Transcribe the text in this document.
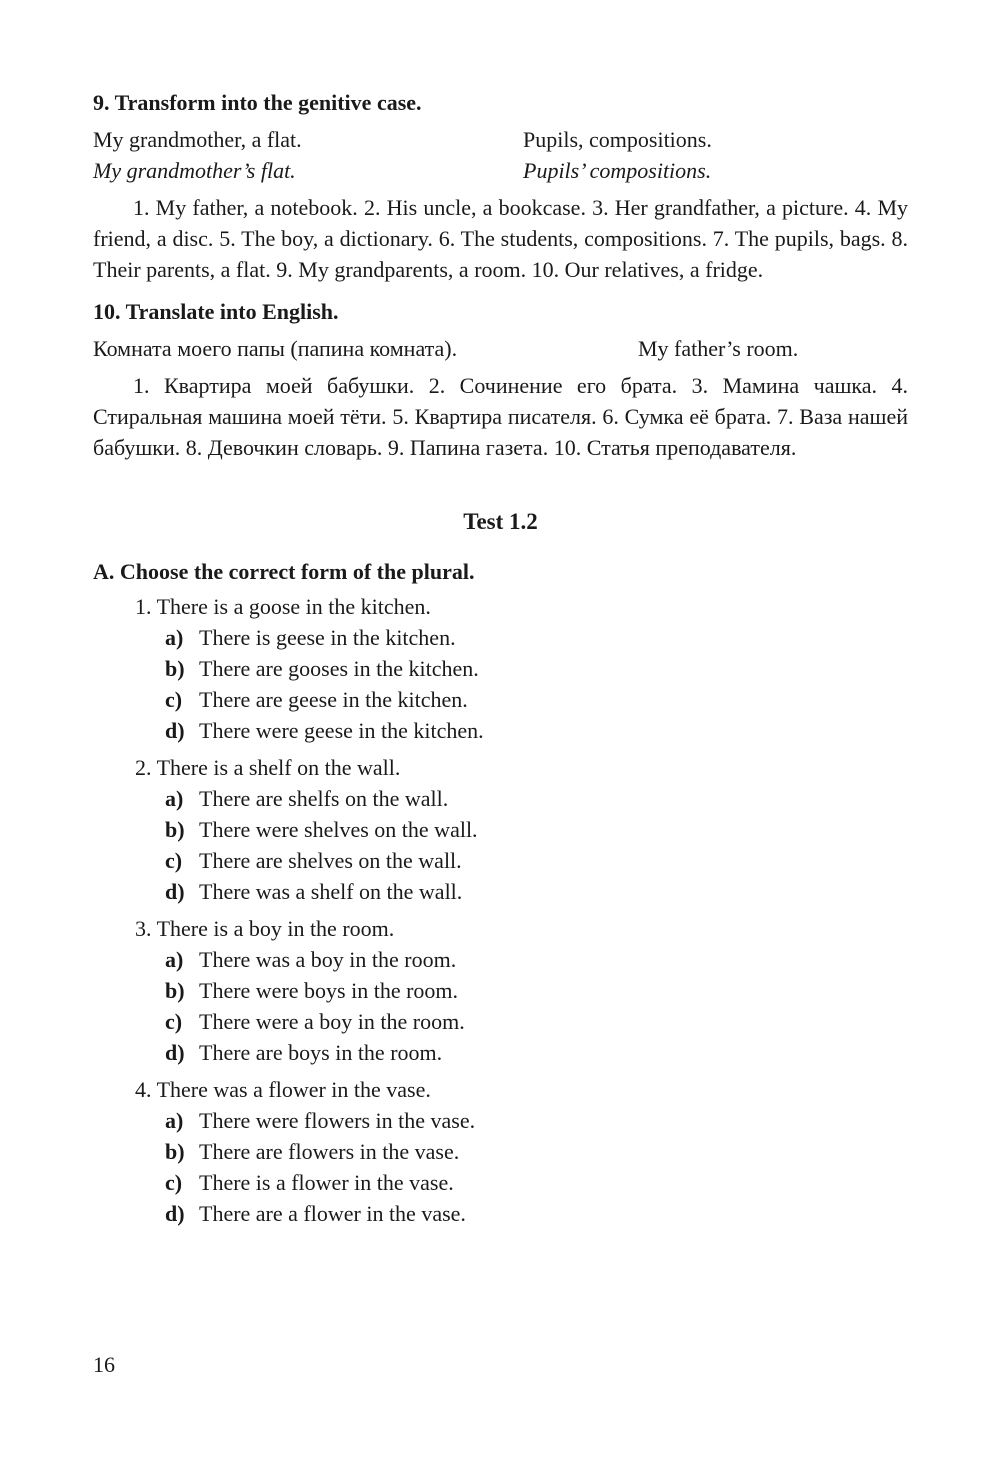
9. Transform into the genitive case.

My grandmother, a flat.	Pupils, compositions.
My grandmother’s flat.	Pupils’ compositions.

1. My father, a notebook. 2. His uncle, a bookcase. 3. Her grandfather, a picture. 4. My friend, a disc. 5. The boy, a dictionary. 6. The students, compositions. 7. The pupils, bags. 8. Their parents, a flat. 9. My grandparents, a room. 10. Our relatives, a fridge.

10. Translate into English.

Комната моего папы (папина комната).	My father’s room.

1. Квартира моей бабушки. 2. Сочинение его брата. 3. Мамина чашка. 4. Стиральная машина моей тёти. 5. Квартира писателя. 6. Сумка её брата. 7. Ваза нашей бабушки. 8. Девочкин словарь. 9. Папина газета. 10. Статья преподавателя.

Test 1.2

A. Choose the correct form of the plural.

1. There is a goose in the kitchen.
a) There is geese in the kitchen.
b) There are gooses in the kitchen.
c) There are geese in the kitchen.
d) There were geese in the kitchen.
2. There is a shelf on the wall.
a) There are shelfs on the wall.
b) There were shelves on the wall.
c) There are shelves on the wall.
d) There was a shelf on the wall.
3. There is a boy in the room.
a) There was a boy in the room.
b) There were boys in the room.
c) There were a boy in the room.
d) There are boys in the room.
4. There was a flower in the vase.
a) There were flowers in the vase.
b) There are flowers in the vase.
c) There is a flower in the vase.
d) There are a flower in the vase.
16
